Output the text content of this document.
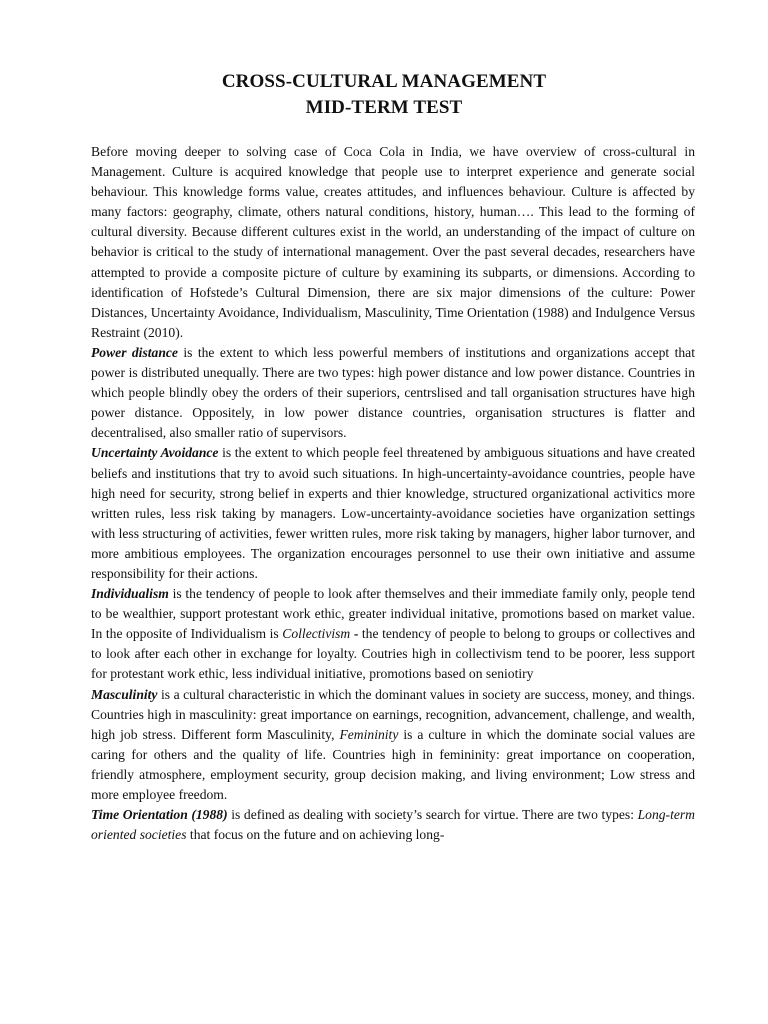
CROSS-CULTURAL MANAGEMENT
MID-TERM TEST

Before moving deeper to solving case of Coca Cola in India, we have overview of cross-cultural in Management. Culture is acquired knowledge that people use to interpret experience and generate social behaviour. This knowledge forms value, creates attitudes, and influences behaviour. Culture is affected by many factors: geography, climate, others natural conditions, history, human…. This lead to the forming of cultural diversity. Because different cultures exist in the world, an understanding of the impact of culture on behavior is critical to the study of international management. Over the past several decades, researchers have attempted to provide a composite picture of culture by examining its subparts, or dimensions. According to identification of Hofstede’s Cultural Dimension, there are six major dimensions of the culture: Power Distances, Uncertainty Avoidance, Individualism, Masculinity, Time Orientation (1988) and Indulgence Versus Restraint (2010).

Power distance is the extent to which less powerful members of institutions and organizations accept that power is distributed unequally. There are two types: high power distance and low power distance. Countries in which people blindly obey the orders of their superiors, centrslised and tall organisation structures have high power distance. Oppositely, in low power distance countries, organisation structures is flatter and decentralised, also smaller ratio of supervisors.

Uncertainty Avoidance is the extent to which people feel threatened by ambiguous situations and have created beliefs and institutions that try to avoid such situations. In high-uncertainty-avoidance countries, people have high need for security, strong belief in experts and thier knowledge, structured organizational activitics more written rules, less risk taking by managers. Low-uncertainty-avoidance societies have organization settings with less structuring of activities, fewer written rules, more risk taking by managers, higher labor turnover, and more ambitious employees. The organization encourages personnel to use their own initiative and assume responsibility for their actions.

Individualism is the tendency of people to look after themselves and their immediate family only, people tend to be wealthier, support protestant work ethic, greater individual initative, promotions based on market value. In the opposite of Individualism is Collectivism - the tendency of people to belong to groups or collectives and to look after each other in exchange for loyalty. Coutries high in collectivism tend to be poorer, less support for protestant work ethic, less individual initiative, promotions based on seniotiry

Masculinity is a cultural characteristic in which the dominant values in society are success, money, and things. Countries high in masculinity: great importance on earnings, recognition, advancement, challenge, and wealth, high job stress. Different form Masculinity, Femininity is a culture in which the dominate social values are caring for others and the quality of life. Countries high in femininity: great importance on cooperation, friendly atmosphere, employment security, group decision making, and living environment; Low stress and more employee freedom.

Time Orientation (1988) is defined as dealing with society’s search for virtue. There are two types: Long-term oriented societies that focus on the future and on achieving long-
